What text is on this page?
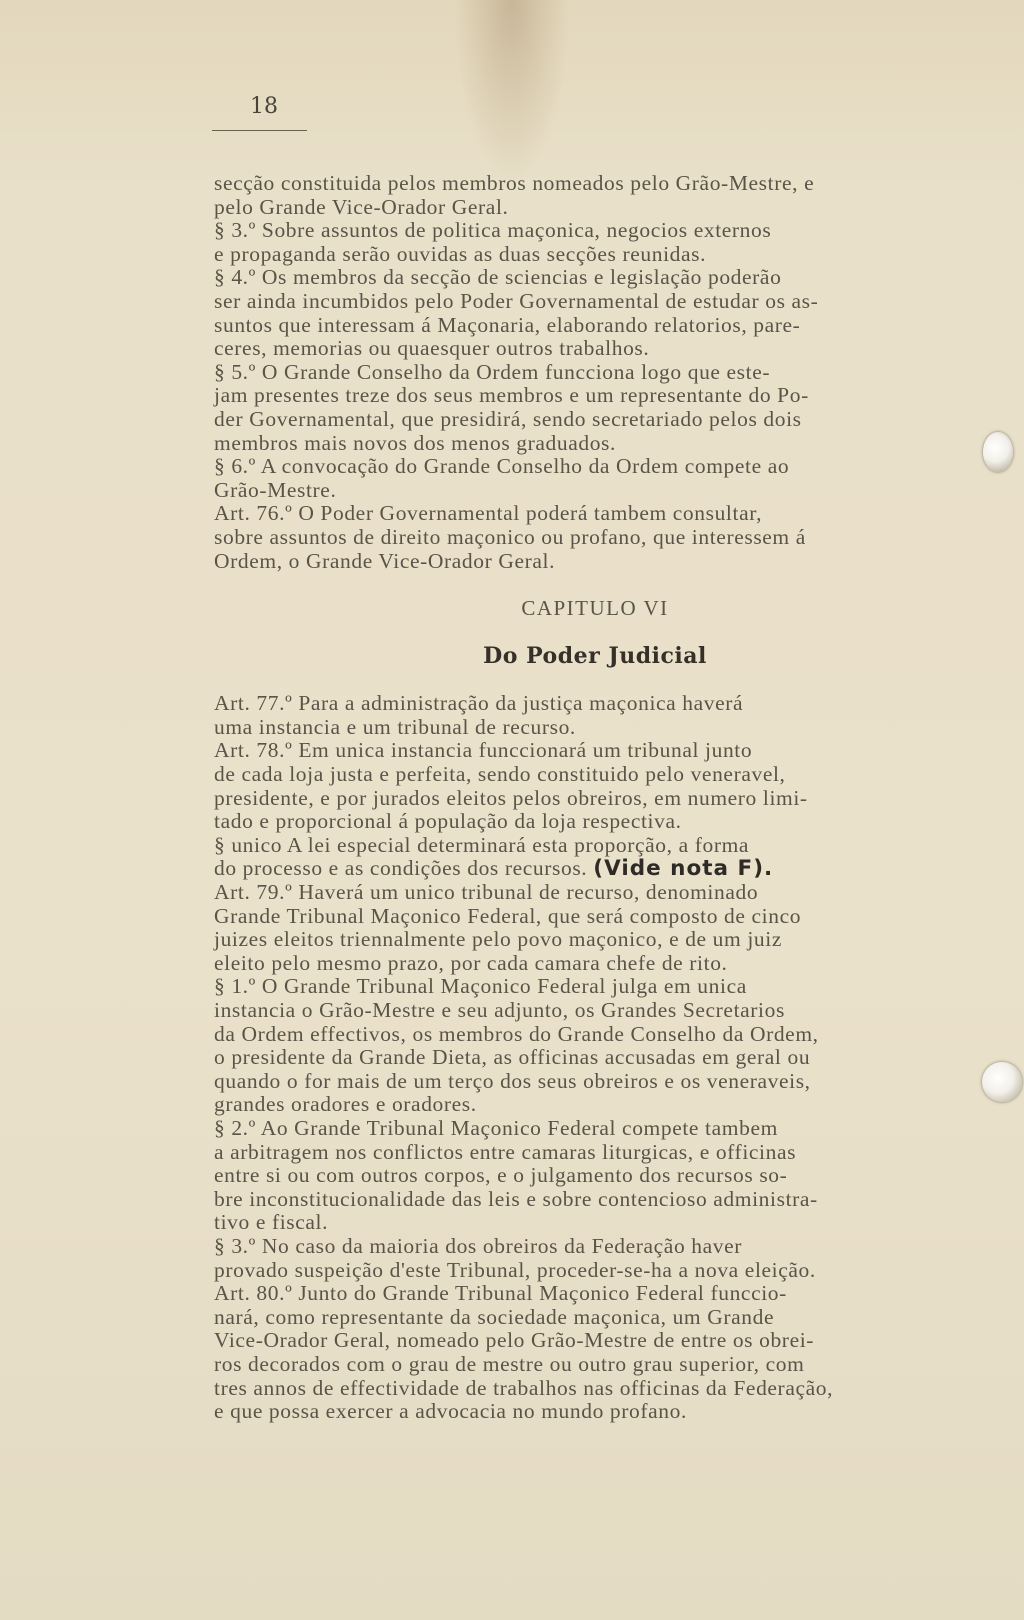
18
secção constituida pelos membros nomeados pelo Grão-Mestre, e
pelo Grande Vice-Orador Geral.
§ 3.º Sobre assuntos de politica maçonica, negocios externos
e propaganda serão ouvidas as duas secções reunidas.
§ 4.º Os membros da secção de sciencias e legislação poderão
ser ainda incumbidos pelo Poder Governamental de estudar os as-
suntos que interessam á Maçonaria, elaborando relatorios, pare-
ceres, memorias ou quaesquer outros trabalhos.
§ 5.º O Grande Conselho da Ordem funcciona logo que este-
jam presentes treze dos seus membros e um representante do Po-
der Governamental, que presidirá, sendo secretariado pelos dois
membros mais novos dos menos graduados.
§ 6.º A convocação do Grande Conselho da Ordem compete ao
Grão-Mestre.
Art. 76.º O Poder Governamental poderá tambem consultar,
sobre assuntos de direito maçonico ou profano, que interessem á
Ordem, o Grande Vice-Orador Geral.
CAPITULO VI
Do Poder Judicial
Art. 77.º Para a administração da justiça maçonica haverá
uma instancia e um tribunal de recurso.
Art. 78.º Em unica instancia funccionará um tribunal junto
de cada loja justa e perfeita, sendo constituido pelo veneravel,
presidente, e por jurados eleitos pelos obreiros, em numero limi-
tado e proporcional á população da loja respectiva.
§ unico A lei especial determinará esta proporção, a forma
do processo e as condições dos recursos. (Vide nota F).
Art. 79.º Haverá um unico tribunal de recurso, denominado
Grande Tribunal Maçonico Federal, que será composto de cinco
juizes eleitos triennalmente pelo povo maçonico, e de um juiz
eleito pelo mesmo prazo, por cada camara chefe de rito.
§ 1.º O Grande Tribunal Maçonico Federal julga em unica
instancia o Grão-Mestre e seu adjunto, os Grandes Secretarios
da Ordem effectivos, os membros do Grande Conselho da Ordem,
o presidente da Grande Dieta, as officinas accusadas em geral ou
quando o for mais de um terço dos seus obreiros e os veneraveis,
grandes oradores e oradores.
§ 2.º Ao Grande Tribunal Maçonico Federal compete tambem
a arbitragem nos conflictos entre camaras liturgicas, e officinas
entre si ou com outros corpos, e o julgamento dos recursos so-
bre inconstitucionalidade das leis e sobre contencioso administra-
tivo e fiscal.
§ 3.º No caso da maioria dos obreiros da Federação haver
provado suspeição d'este Tribunal, proceder-se-ha a nova eleição.
Art. 80.º Junto do Grande Tribunal Maçonico Federal funccio-
nará, como representante da sociedade maçonica, um Grande
Vice-Orador Geral, nomeado pelo Grão-Mestre de entre os obrei-
ros decorados com o grau de mestre ou outro grau superior, com
tres annos de effectividade de trabalhos nas officinas da Federação,
e que possa exercer a advocacia no mundo profano.
